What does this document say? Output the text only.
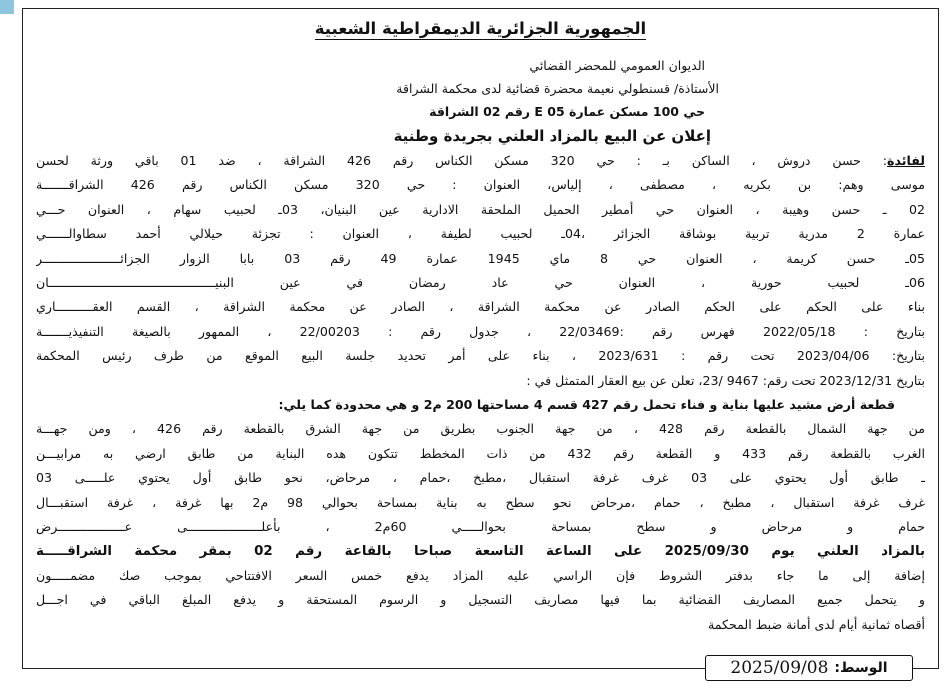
الجمهورية الجزائرية الديمقراطية الشعبية
الديوان العمومي للمحضر القضائي
الأستاذة/ قسنطولي نعيمة محضرة قضائية لدى محكمة الشراقة
حي 100 مسكن عمارة E 05 رقم 02 الشراقة
إعلان عن البيع بالمزاد العلني بجريدة وطنية
لفائدة: حسن دروش ، الساكن بـ : حي 320 مسكن الكناس رقم 426 الشراقة ، ضد 01 باقي ورثة لحسن
موسى وهم: بن بكريه ، مصطفى ، إلياس، العنوان : حي 320 مسكن الكناس رقم 426 الشراقـــــــة
02 ـ حسن وهيبة ، العنوان حي أمطير الحميل الملحقة الادارية عين البنيان، 03ـ لحبيب سهام ، العنوان حـــي
عمارة 2 مدرية تربية بوشاقة الجزائر ،04ـ لحبيب لطيفة ، العنوان : تجزئة حيلالي أحمد سطاوالــــــي
05ـ حسن كريمة ، العنوان حي 8 ماي 1945 عمارة 49 رقم 03 بابا الزوار الجزائـــــــــــــــــــــر
06ـ لحبيب حورية ، العنوان حي عاد رمضان في عين البنيـــــــــــــــــــــــــــــــــــــــــــــان
بناء على الحكم على الحكم الصادر عن محكمة الشراقة ، الصادر عن محكمة الشراقة ، القسم العقــــــــــاري
بتاريخ : 2022/05/18 فهرس رقم :22/03469 ، جدول رقم : 22/00203 ، الممهور بالصيغة التنفيذيـــــــة
بتاريخ: 2023/04/06 تحت رقم : 2023/631 ، بناء على أمر تحديد جلسة البيع الموقع من طرف رئيس المحكمة
بتاريخ 2023/12/31 تحت رقم: 9467 /23، تعلن عن بيع العقار المتمثل في :
قطعة أرض مشيد عليها بناية و فناء تحمل رقم 427 قسم 4 مساحتها 200 م2 و هي محدودة كما يلي:
من جهة الشمال بالقطعة رقم 428 ، من جهة الجنوب بطريق من جهة الشرق بالقطعة رقم 426 ، ومن جهـــة
الغرب بالقطعة رقم 433 و القطعة رقم 432 من ذات المخطط تتكون هده البناية من طابق ارضي به مرابيـــن
ـ طابق أول يحتوي على 03 غرف غرفة استقبال ،مطبخ ،حمام ، مرحاض، نحو طابق أول يحتوي علـــــى 03
غرف غرفة استقبال ، مطبخ ، حمام ،مرحاض نحو سطح به بناية بمساحة بحوالي 98 م2 بها غرفة ، غرفة استقبـــال
حمام و مرحاض و سطح بمساحة بحوالـــــي 60م2 ، بأعلــــــــــــــــــــى عــــــــــــــــــرض
بالمزاد العلني يوم 2025/09/30 على الساعة التاسعة صباحا بالقاعة رقم 02 بمقر محكمة الشراقـــــة
إضافة إلى ما جاء بدفتر الشروط فإن الراسي عليه المزاد يدفع خمس السعر الافتتاحي بموجب صك مضمـــــون
و يتحمل جميع المصاريف القضائية بما فيها مصاريف التسجيل و الرسوم المستحقة و يدفع المبلغ الباقي في اجـــل
أقصاه ثمانية أيام لدى أمانة ضبط المحكمة
الوسط:
2025/09/08
